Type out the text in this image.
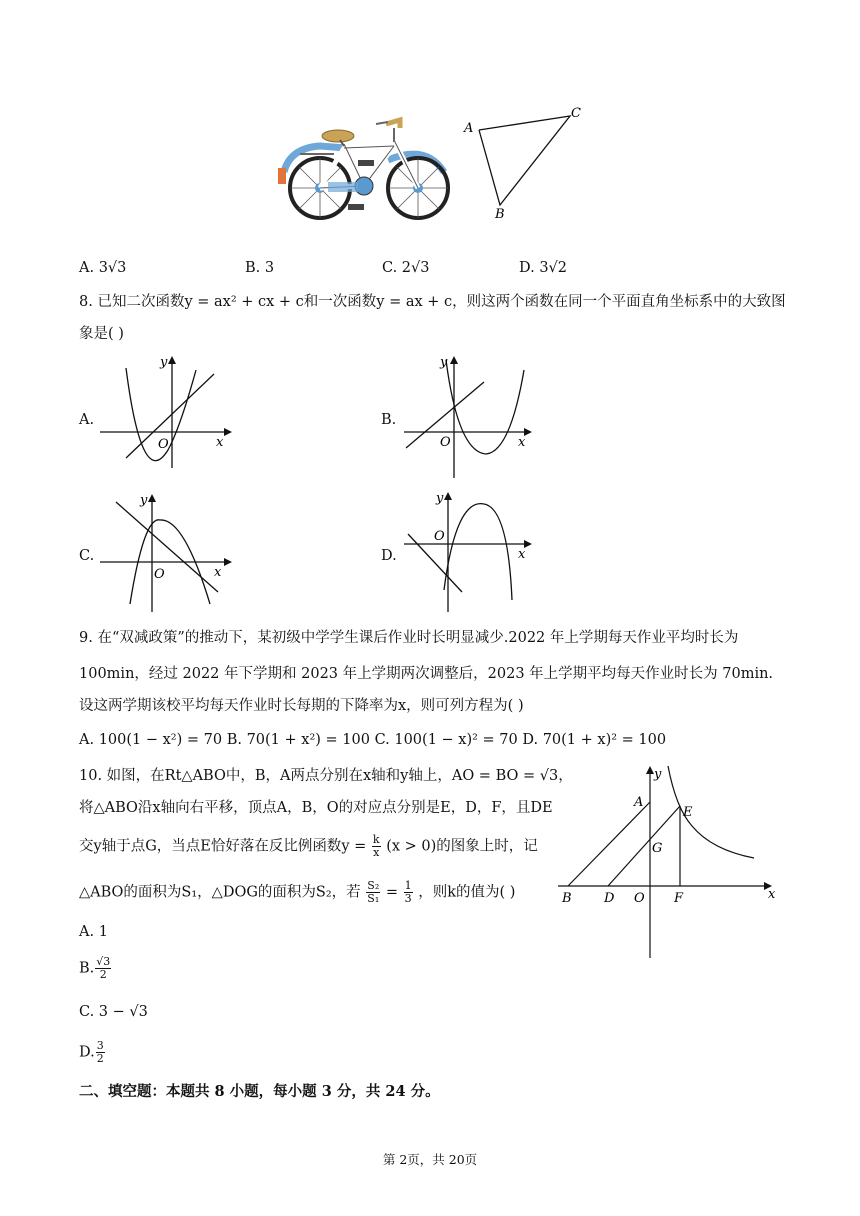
A
C
B
A. 3√3	B. 3	C. 2√3	D. 3√2
8. 已知二次函数y = ax² + cx + c和一次函数y = ax + c，则这两个函数在同一个平面直角坐标系中的大致图
象是( )
A.	B.
C.	D.
y
x
O
y
x
O
y
x
O
y
x
O
9. 在“双减政策”的推动下，某初级中学学生课后作业时长明显减少.2022 年上学期每天作业平均时长为
100min，经过 2022 年下学期和 2023 年上学期两次调整后，2023 年上学期平均每天作业时长为 70min.
设这两学期该校平均每天作业时长每期的下降率为x，则可列方程为( )
A. 100(1 − x²) = 70 B. 70(1 + x²) = 100 C. 100(1 − x)² = 70 D. 70(1 + x)² = 100
10. 如图，在Rt△ABO中，B，A两点分别在x轴和y轴上，AO = BO = √3，
将△ABO沿x轴向右平移，顶点A，B，O的对应点分别是E，D，F，且DE
交y轴于点G，当点E恰好落在反比例函数$y = \frac{k}{x} (x > 0)$的图象上时，记
△ABO的面积为S₁，△DOG的面积为S₂，若 $\frac{\text{S₂}}{\text{S₁}} = \frac{1}{3}$ ，则k的值为( )
A. 1
B. $\frac{√3}{2}$
C. 3 − √3
D. $\frac{3}{2}$
y
x
A
E
G
B D O F
二、填空题：本题共 8 小题，每小题 3 分，共 24 分。
第 2页，共 20页
